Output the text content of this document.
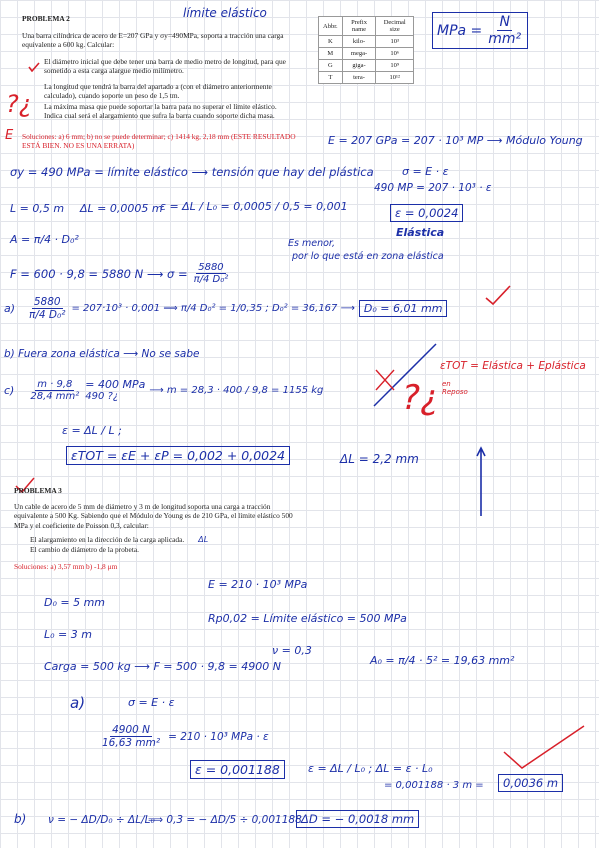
PROBLEMA 2	límite elástico
Una barra cilíndrica de acero de E=207 GPa y σy=490MPa, soporta a tracción una carga equivalente a 600 kg. Calcular:
El diámetro inicial que debe tener una barra de medio metro de longitud, para que sometido a esta carga alargue medio milímetro.
?¿
La longitud que tendrá la barra del apartado a (con el diámetro anteriormente calculado), cuando soporte un peso de 1,5 tm.
La máxima masa que puede soportar la barra para no superar el límite elástico. Indica cual será el alargamiento que sufra la barra cuando soporte dicha masa.
E Soluciones: a) 6 mm; b) no se puede determinar; c) 1414 kg, 2,18 mm (ESTE RESULTADO ESTÁ BIEN. NO ES UNA ERRATA)
Abbr.	Prefix name	Decimal size
K	kilo-	10³
M	mega-	10⁶
G	giga-	10⁹
T	tera-	10¹²
MPa = $\frac{N}{\text{mm²}}$
E = 207 GPa = 207 · 10³ MP ⟶ Módulo Young
σy = 490 MPa = límite elástico ⟶ tensión que hay del plástica	σ = E · ε
490 MP = 207 · 10³ · ε
L = 0,5 m ΔL = 0,0005 m
ε = ΔL / L₀ = 0,0005 / 0,5 = 0,001	ε = 0,0024
Elástica
A = π/4 · D₀²	Es menor,
por lo que está en zona elástica
F = 600 · 9,8 = 5880 N ⟶ $\sigma = \frac{5880}{\text{π/4 D₀²}}$
$a) \frac{5880}{\text{π/4 D₀²}} = 207\cdot 10^3 \cdot 0,001$ ⟹ π/4 D₀² = 1/0,35 ; D₀² = 36,167 ⟶ D₀ = 6,01 mm
b) Fuera zona elástica ⟶ No se sabe
$c) \frac{m \cdot 9,8}{\text{28,4 mm²}} = 400$ MPa
490 ?¿
⟶ m = 28,3 · 400 / 9,8 = 1155 kg ?¿
εTOT = Elástica + Eplástica
en Reposo
ε = ΔL / L ;
εTOT = εE + εP = 0,002 + 0,0024	ΔL = 2,2 mm
PROBLEMA 3
Un cable de acero de 5 mm de diámetro y 3 m de longitud soporta una carga a tracción equivalente a 500 Kg. Sabiendo que el Módulo de Young es de 210 GPa, el límite elástico 500 MPa y el coeficiente de Poisson 0,3, calcular:
El alargamiento en la dirección de la carga aplicada. ΔL
El cambio de diámetro de la probeta.
Soluciones: a) 3,57 mm b) -1,8 μm
E = 210 · 10³ MPa
D₀ = 5 mm
Rp0,02 = Límite elástico = 500 MPa
L₀ = 3 m
ν = 0,3
A₀ = π/4 · 5² = 19,63 mm²
Carga = 500 kg ⟶ F = 500 · 9,8 = 4900 N
a)	σ = E · ε
$\frac{4900 N}{\text{16,63 mm²}} = 210 \cdot 10^3$ MPa · ε
ε = 0,001188	ε = ΔL / L₀ ; ΔL = ε · L₀
= 0,001188 · 3 m =	0,0036 m
b) ν = − ΔD/D₀ ÷ ΔL/L₀
⟹ 0,3 = − ΔD/5 ÷ 0,001188 ΔD = − 0,0018 mm
